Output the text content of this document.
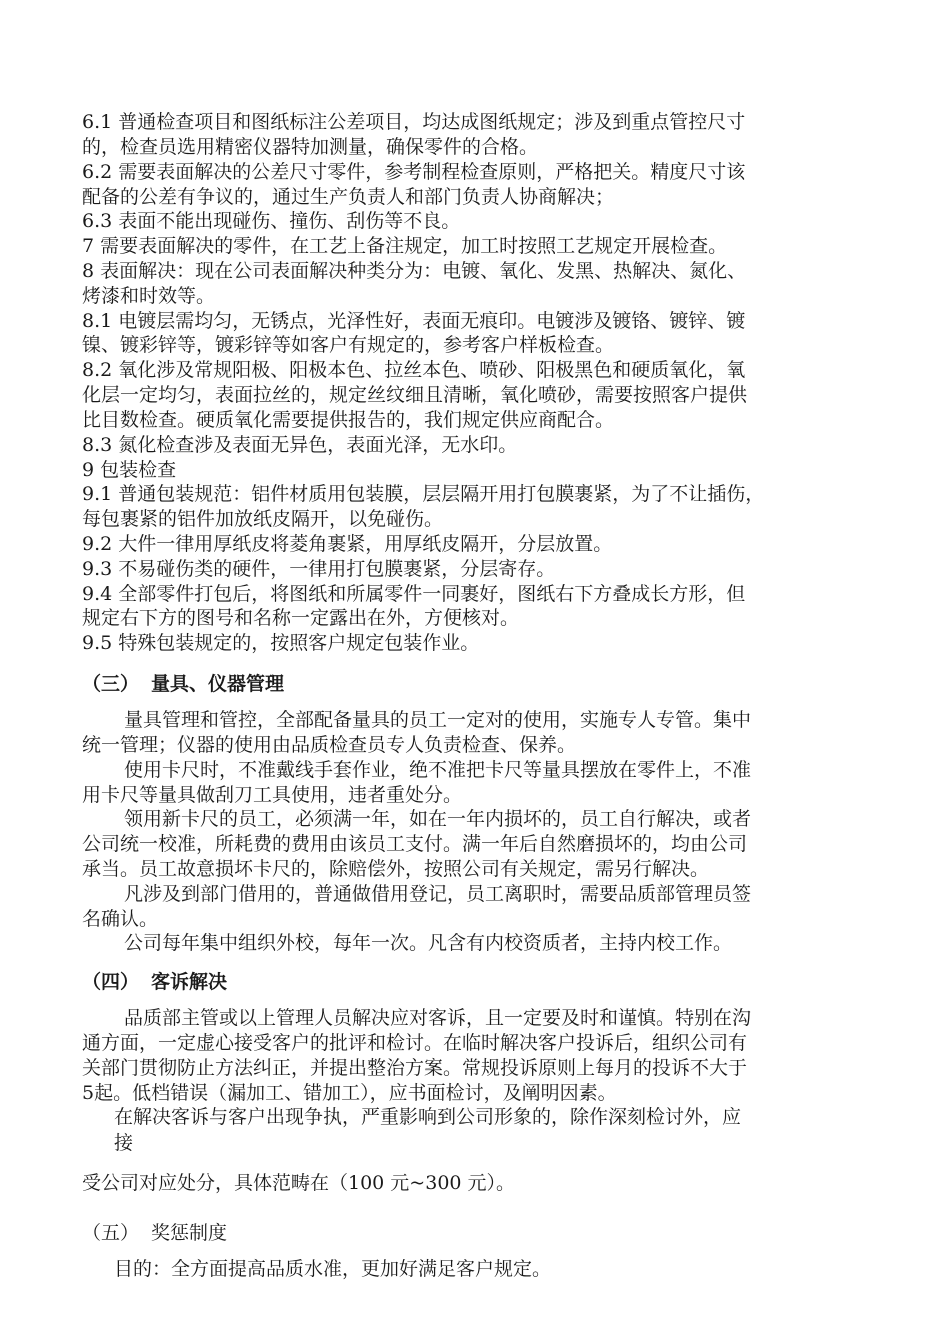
6.1 普通检查项目和图纸标注公差项目，均达成图纸规定；涉及到重点管控尺寸

的，检查员选用精密仪器特加测量，确保零件的合格。

6.2 需要表面解决的公差尺寸零件，参考制程检查原则，严格把关。精度尺寸该

配备的公差有争议的，通过生产负责人和部门负责人协商解决；

6.3 表面不能出现碰伤、撞伤、刮伤等不良。

7 需要表面解决的零件，在工艺上备注规定，加工时按照工艺规定开展检查。

8 表面解决：现在公司表面解决种类分为：电镀、氧化、发黑、热解决、氮化、

烤漆和时效等。

8.1 电镀层需均匀，无锈点，光泽性好，表面无痕印。电镀涉及镀铬、镀锌、镀

镍、镀彩锌等，镀彩锌等如客户有规定的，参考客户样板检查。

8.2 氧化涉及常规阳极、阳极本色、拉丝本色、喷砂、阳极黑色和硬质氧化，氧

化层一定均匀，表面拉丝的，规定丝纹细且清晰，氧化喷砂，需要按照客户提供

比目数检查。硬质氧化需要提供报告的，我们规定供应商配合。

8.3 氮化检查涉及表面无异色，表面光泽，无水印。

9 包装检查

9.1 普通包装规范：铝件材质用包装膜，层层隔开用打包膜裹紧，为了不让插伤，

每包裹紧的铝件加放纸皮隔开，以免碰伤。

9.2 大件一律用厚纸皮将菱角裹紧，用厚纸皮隔开，分层放置。

9.3 不易碰伤类的硬件，一律用打包膜裹紧，分层寄存。

9.4 全部零件打包后，将图纸和所属零件一同裹好，图纸右下方叠成长方形，但

规定右下方的图号和名称一定露出在外，方便核对。

9.5 特殊包装规定的，按照客户规定包装作业。

（三） 量具、仪器管理

量具管理和管控，全部配备量具的员工一定对的使用，实施专人专管。集中

统一管理；仪器的使用由品质检查员专人负责检查、保养。

使用卡尺时，不准戴线手套作业，绝不准把卡尺等量具摆放在零件上，不准

用卡尺等量具做刮刀工具使用，违者重处分。

领用新卡尺的员工，必须满一年，如在一年内损坏的，员工自行解决，或者

公司统一校准，所耗费的费用由该员工支付。满一年后自然磨损坏的，均由公司

承当。员工故意损坏卡尺的，除赔偿外，按照公司有关规定，需另行解决。

凡涉及到部门借用的，普通做借用登记，员工离职时，需要品质部管理员签

名确认。

公司每年集中组织外校，每年一次。凡含有内校资质者，主持内校工作。

（四） 客诉解决

品质部主管或以上管理人员解决应对客诉，且一定要及时和谨慎。特别在沟

通方面，一定虚心接受客户的批评和检讨。在临时解决客户投诉后，组织公司有

关部门贯彻防止方法纠正，并提出整治方案。常规投诉原则上每月的投诉不大于

5起。低档错误（漏加工、错加工），应书面检讨，及阐明因素。

在解决客诉与客户出现争执，严重影响到公司形象的，除作深刻检讨外，应

接

受公司对应处分，具体范畴在（100 元~300 元）。

（五） 奖惩制度

目的：全方面提高品质水准，更加好满足客户规定。
